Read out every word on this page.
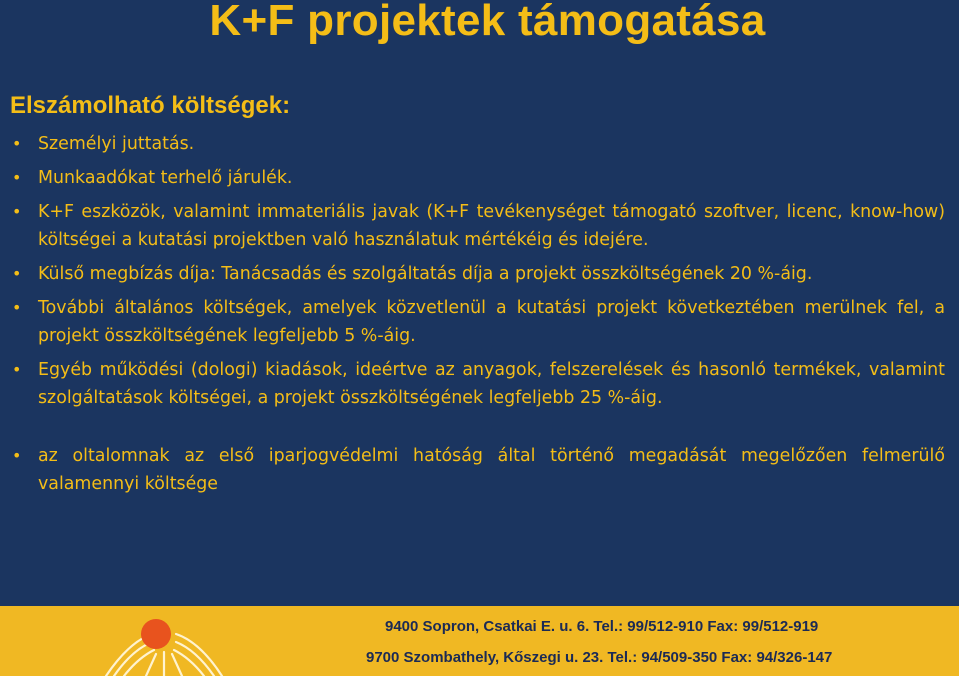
K+F projektek támogatása
Elszámolható költségek:
• Személyi juttatás.
• Munkaadókat terhelő járulék.
• K+F eszközök, valamint immateriális javak (K+F tevékenységet támogató szoftver, licenc, know-how) költségei a kutatási projektben való használatuk mértékéig és idejére.
• Külső megbízás díja: Tanácsadás és szolgáltatás díja a projekt összköltségének 20 %-áig.
• További általános költségek, amelyek közvetlenül a kutatási projekt következtében merülnek fel, a projekt összköltségének legfeljebb 5 %-áig.
• Egyéb működési (dologi) kiadások, ideértve az anyagok, felszerelések és hasonló termékek, valamint szolgáltatások költségei, a projekt összköltségének legfeljebb 25 %-áig.
• az oltalomnak az első iparjogvédelmi hatóság által történő megadását megelőzően felmerülő valamennyi költsége

9400 Sopron, Csatkai E. u. 6. Tel.: 99/512-910 Fax: 99/512-919

9700 Szombathely, Kőszegi u. 23. Tel.: 94/509-350 Fax: 94/326-147
